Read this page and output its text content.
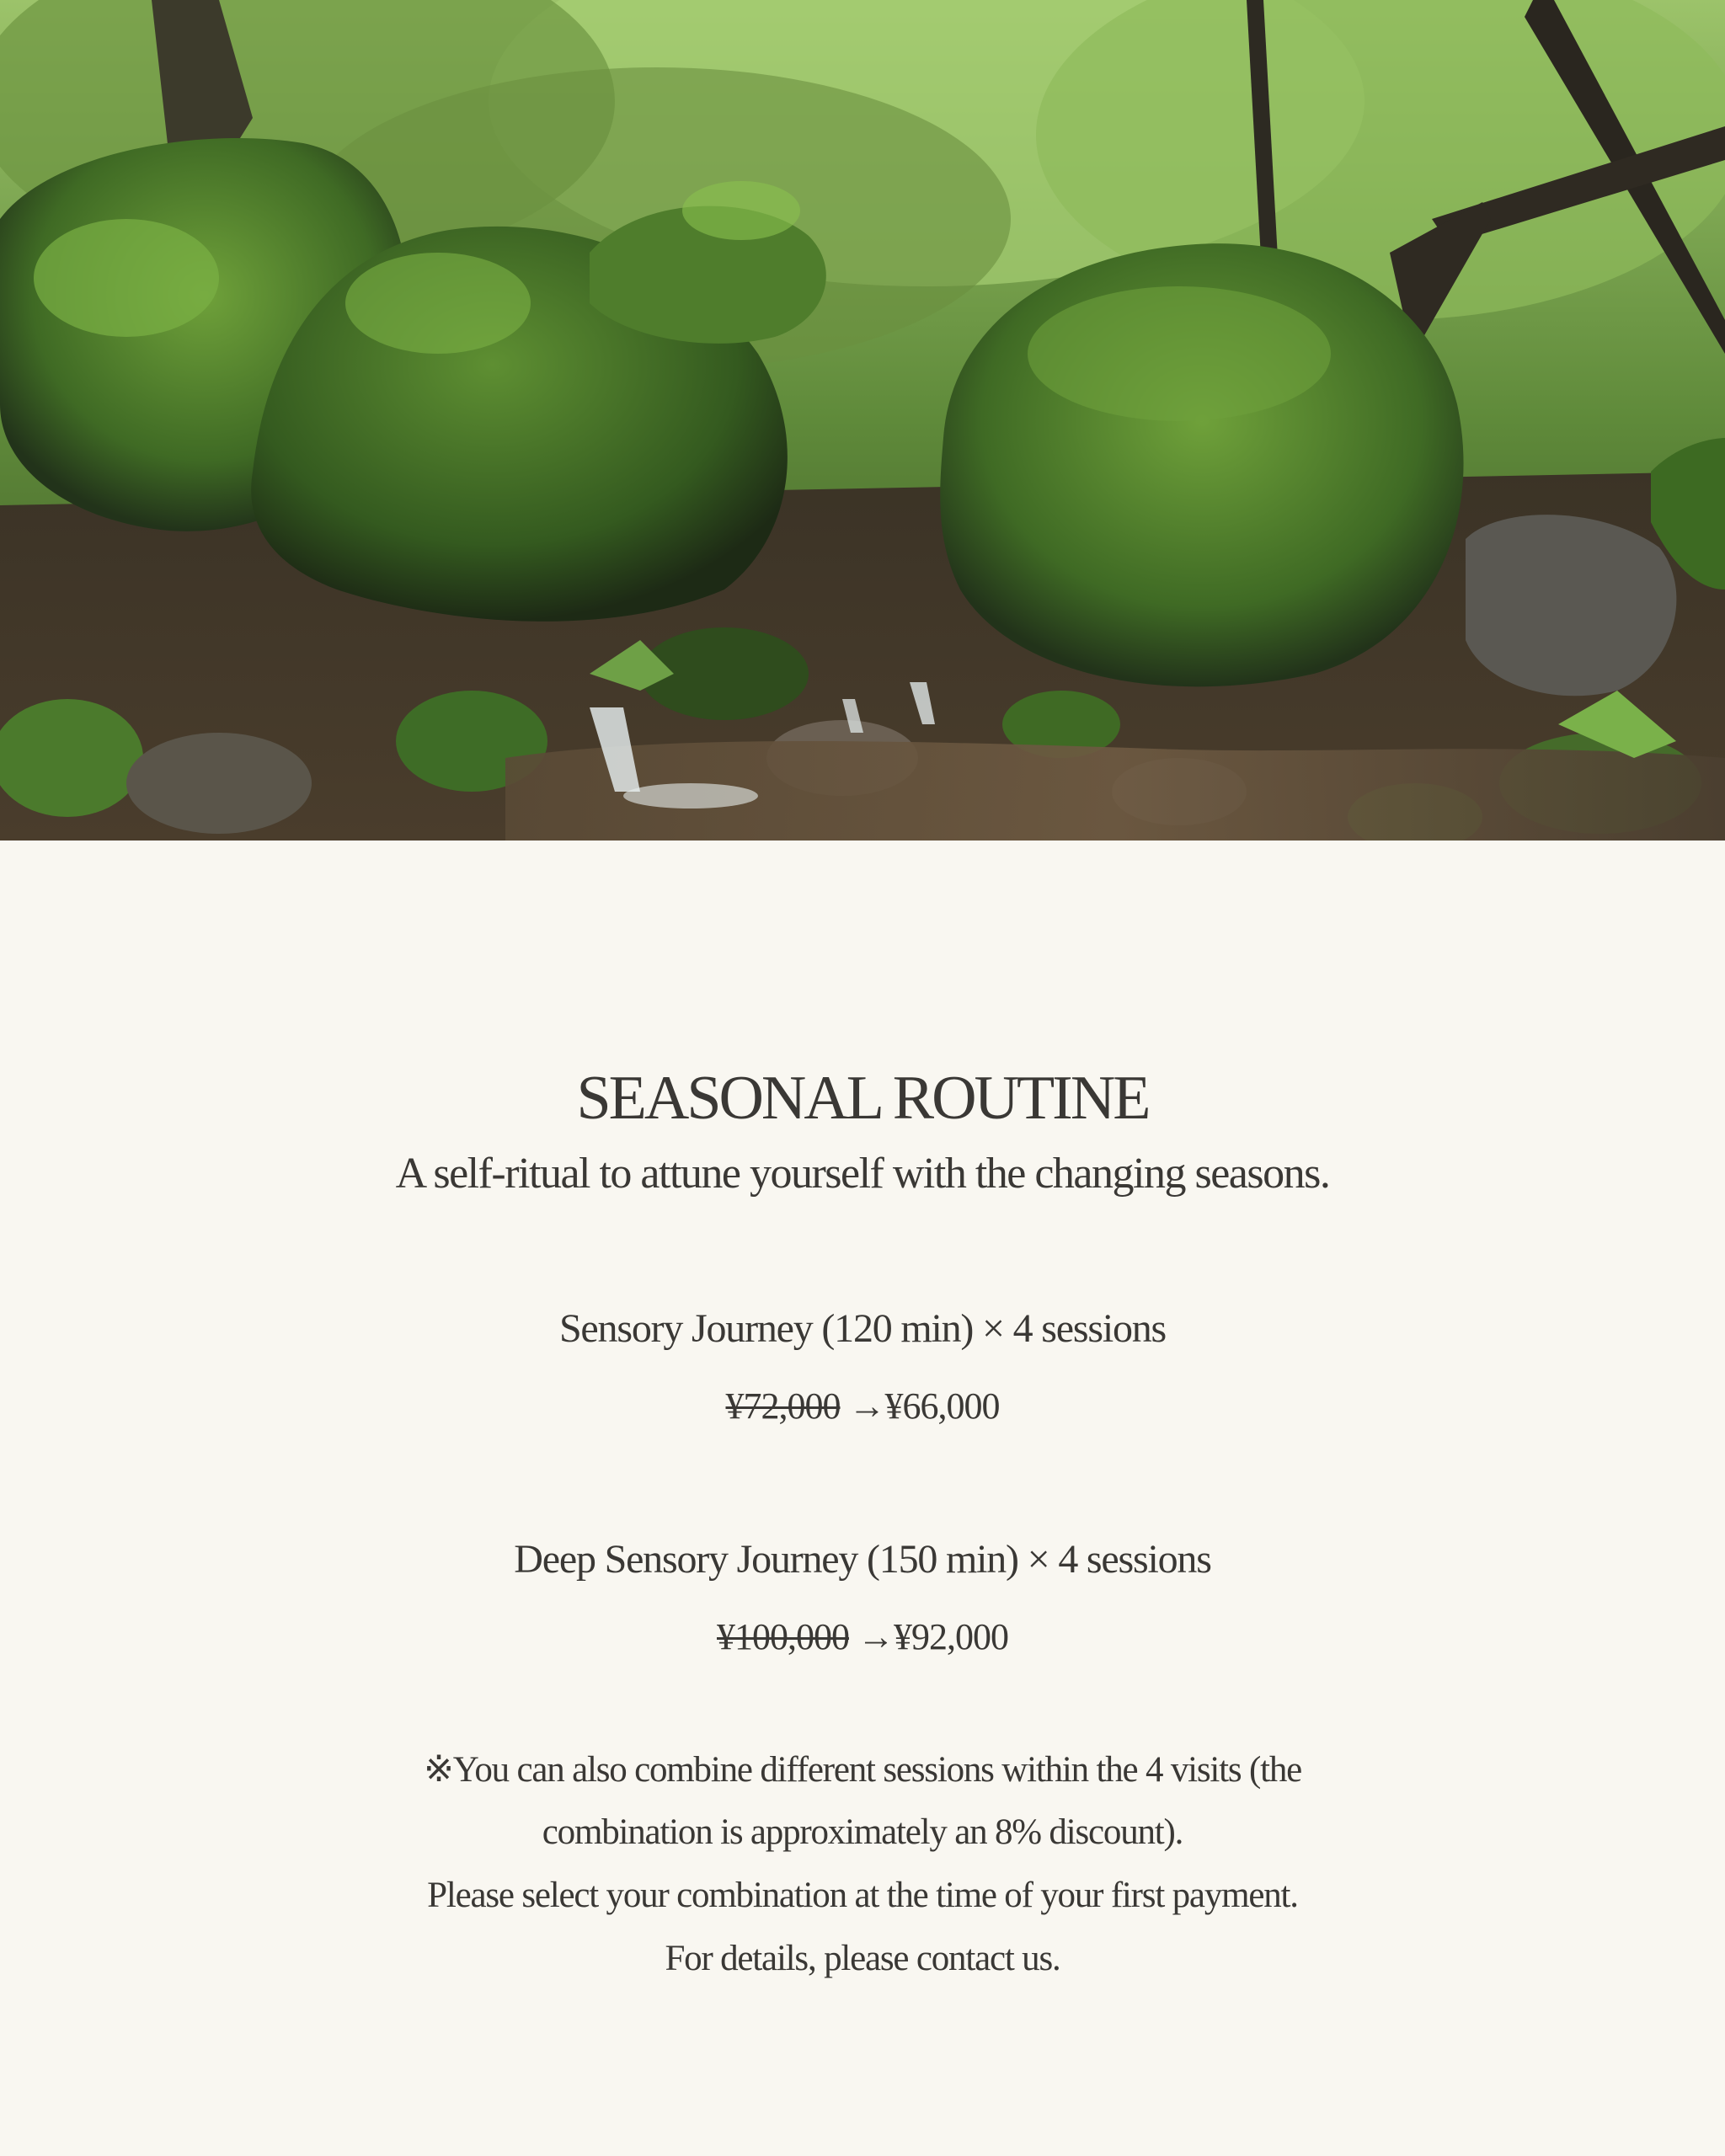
SEASONAL ROUTINE
A self-ritual to attune yourself with the changing seasons.
Sensory Journey (120 min) × 4 sessions
¥72,000 →¥66,000
Deep Sensory Journey (150 min) × 4 sessions
¥100,000 →¥92,000
※You can also combine different sessions within the 4 visits (the
combination is approximately an 8% discount).
Please select your combination at the time of your first payment.
For details, please contact us.
